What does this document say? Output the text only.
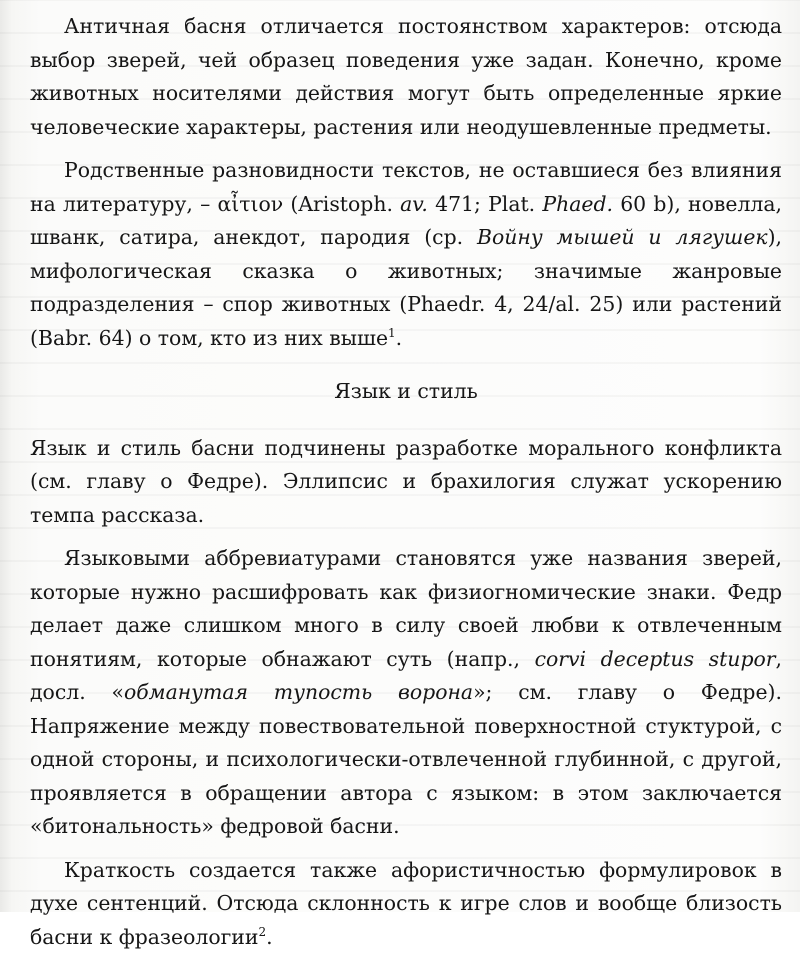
Античная басня отличается постоянством характеров: отсюда выбор зверей, чей образец поведения уже задан. Конечно, кроме животных носителями действия могут быть определенные яркие человеческие характеры, растения или неодушевленные предметы.

Родственные разновидности текстов, не оставшиеся без влияния на литературу, – αἶτιον (Aristoph. av. 471; Plat. Phaed. 60 b), новелла, шванк, сатира, анекдот, пародия (ср. Войну мышей и лягушек), мифологическая сказка о животных; значимые жанровые подразделения – спор животных (Phaedr. 4, 24/al. 25) или растений (Babr. 64) о том, кто из них выше$^1$.

Язык и стиль

Язык и стиль басни подчинены разработке морального конфликта (см. главу о Федре). Эллипсис и брахилогия служат ускорению темпа рассказа.

Языковыми аббревиатурами становятся уже названия зверей, которые нужно расшифровать как физиогномические знаки. Федр делает даже слишком много в силу своей любви к отвлеченным понятиям, которые обнажают суть (напр., corvi deceptus stupor, досл. «обманутая тупость ворона»; см. главу о Федре). Напряжение между повествовательной поверхностной стуктурой, с одной стороны, и психологически-отвлеченной глубинной, с другой, проявляется в обращении автора с языком: в этом заключается «битональность» федровой басни.

Краткость создается также афористичностью формулировок в духе сентенций. Отсюда склонность к игре слов и вообще близость басни к фразеологии$^2$.
